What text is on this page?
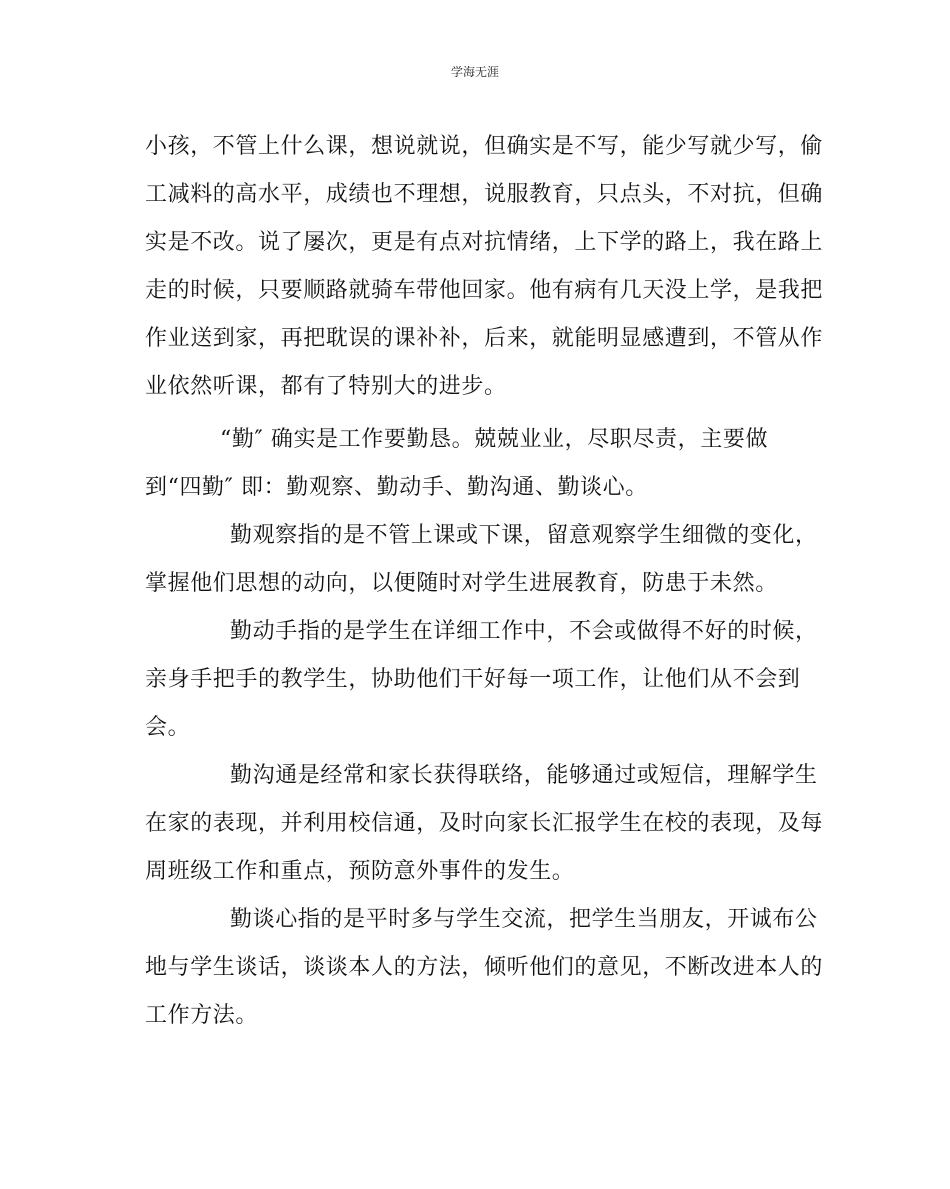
学海无涯
小孩，不管上什么课，想说就说，但确实是不写，能少写就少写，偷
工减料的高水平，成绩也不理想，说服教育，只点头，不对抗，但确
实是不改。说了屡次，更是有点对抗情绪，上下学的路上，我在路上
走的时候，只要顺路就骑车带他回家。他有病有几天没上学，是我把
作业送到家，再把耽误的课补补，后来，就能明显感遭到，不管从作
业依然听课，都有了特别大的进步。
“勤″ 确实是工作要勤恳。兢兢业业，尽职尽责，主要做
到“四勤″ 即：勤观察、勤动手、勤沟通、勤谈心。
勤观察指的是不管上课或下课，留意观察学生细微的变化，
掌握他们思想的动向，以便随时对学生进展教育，防患于未然。
勤动手指的是学生在详细工作中，不会或做得不好的时候，
亲身手把手的教学生，协助他们干好每一项工作，让他们从不会到
会。
勤沟通是经常和家长获得联络，能够通过或短信，理解学生
在家的表现，并利用校信通，及时向家长汇报学生在校的表现，及每
周班级工作和重点，预防意外事件的发生。
勤谈心指的是平时多与学生交流，把学生当朋友，开诚布公
地与学生谈话，谈谈本人的方法，倾听他们的意见，不断改进本人的
工作方法。
